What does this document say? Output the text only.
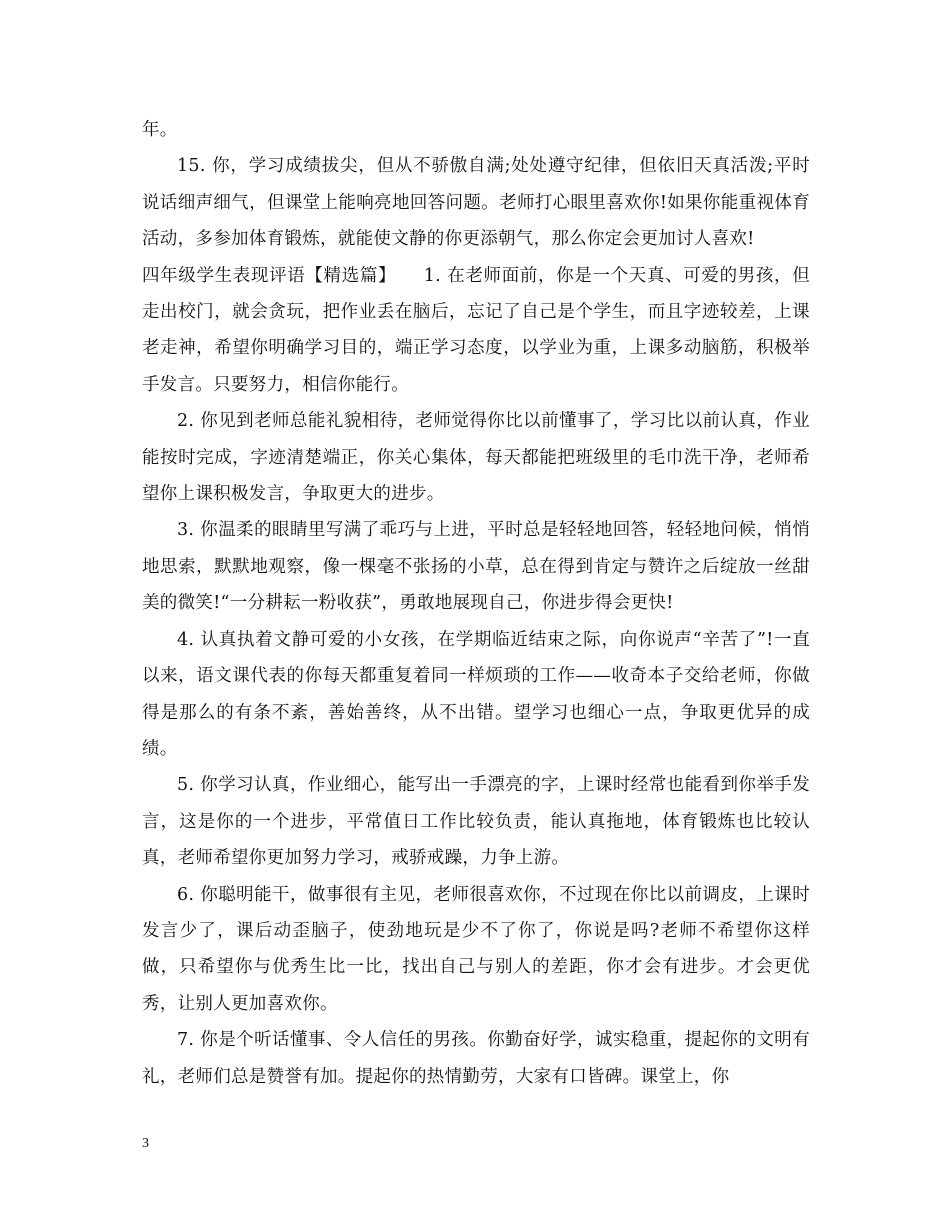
年。

15. 你，学习成绩拔尖，但从不骄傲自满;处处遵守纪律，但依旧天真活泼;平时说话细声细气，但课堂上能响亮地回答问题。老师打心眼里喜欢你!如果你能重视体育活动，多参加体育锻炼，就能使文静的你更添朝气，那么你定会更加讨人喜欢!

四年级学生表现评语【精选篇】　　1. 在老师面前，你是一个天真、可爱的男孩，但走出校门，就会贪玩，把作业丢在脑后，忘记了自己是个学生，而且字迹较差，上课老走神，希望你明确学习目的，端正学习态度，以学业为重，上课多动脑筋，积极举手发言。只要努力，相信你能行。

2. 你见到老师总能礼貌相待，老师觉得你比以前懂事了，学习比以前认真，作业能按时完成，字迹清楚端正，你关心集体，每天都能把班级里的毛巾洗干净，老师希望你上课积极发言，争取更大的进步。

3. 你温柔的眼睛里写满了乖巧与上进，平时总是轻轻地回答，轻轻地问候，悄悄地思索，默默地观察，像一棵毫不张扬的小草，总在得到肯定与赞许之后绽放一丝甜美的微笑!“一分耕耘一粉收获”，勇敢地展现自己，你进步得会更快!

4. 认真执着文静可爱的小女孩，在学期临近结束之际，向你说声“辛苦了”!一直以来，语文课代表的你每天都重复着同一样烦琐的工作——收奇本子交给老师，你做得是那么的有条不紊，善始善终，从不出错。望学习也细心一点，争取更优异的成绩。

5. 你学习认真，作业细心，能写出一手漂亮的字，上课时经常也能看到你举手发言，这是你的一个进步，平常值日工作比较负责，能认真拖地，体育锻炼也比较认真，老师希望你更加努力学习，戒骄戒躁，力争上游。

6. 你聪明能干，做事很有主见，老师很喜欢你，不过现在你比以前调皮，上课时发言少了，课后动歪脑子，使劲地玩是少不了你了，你说是吗?老师不希望你这样做，只希望你与优秀生比一比，找出自己与别人的差距，你才会有进步。才会更优秀，让别人更加喜欢你。

7. 你是个听话懂事、令人信任的男孩。你勤奋好学，诚实稳重，提起你的文明有礼，老师们总是赞誉有加。提起你的热情勤劳，大家有口皆碑。课堂上，你

3
